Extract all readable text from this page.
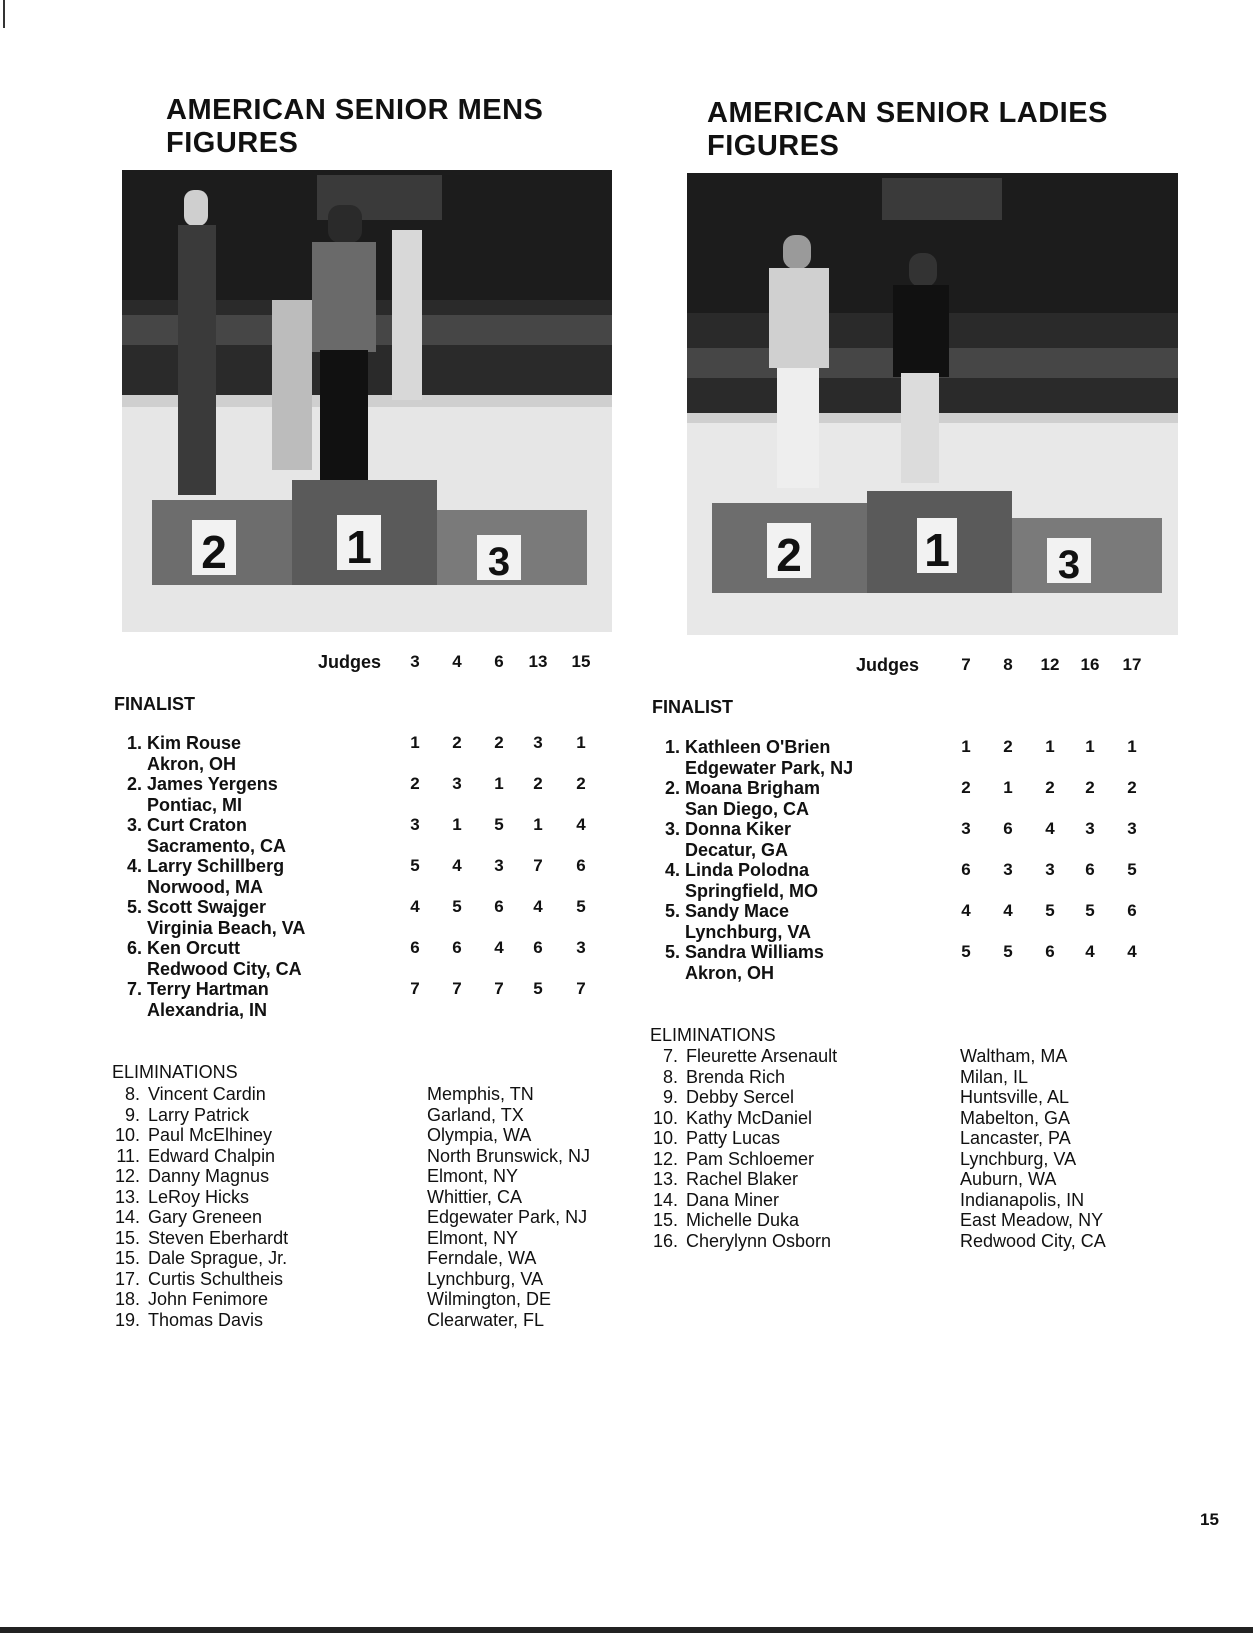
AMERICAN SENIOR MENS
FIGURES
2	1	3
Judges	3	4	6	13	15
FINALIST
1. Kim Rouse
Akron, OH
1	2	2	3	1
2. James Yergens
Pontiac, MI
2	3	1	2	2
3. Curt Craton
Sacramento, CA
3	1	5	1	4
4. Larry Schillberg
Norwood, MA
5	4	3	7	6
5. Scott Swajger
Virginia Beach, VA
4	5	6	4	5
6. Ken Orcutt
Redwood City, CA
6	6	4	6	3
7. Terry Hartman
Alexandria, IN
7	7	7	5	7
ELIMINATIONS
8. Vincent Cardin	Memphis, TN
9. Larry Patrick	Garland, TX
10. Paul McElhiney	Olympia, WA
11. Edward Chalpin	North Brunswick, NJ
12. Danny Magnus	Elmont, NY
13. LeRoy Hicks	Whittier, CA
14. Gary Greneen	Edgewater Park, NJ
15. Steven Eberhardt	Elmont, NY
15. Dale Sprague, Jr.	Ferndale, WA
17. Curtis Schultheis	Lynchburg, VA
18. John Fenimore	Wilmington, DE
19. Thomas Davis	Clearwater, FL
AMERICAN SENIOR LADIES
FIGURES
2	1	3
Judges	7	8	12	16	17
FINALIST
1. Kathleen O'Brien
Edgewater Park, NJ
1	2	1	1	1
2. Moana Brigham
San Diego, CA
2	1	2	2	2
3. Donna Kiker
Decatur, GA
3	6	4	3	3
4. Linda Polodna
Springfield, MO
6	3	3	6	5
5. Sandy Mace
Lynchburg, VA
4	4	5	5	6
5. Sandra Williams
Akron, OH
5	5	6	4	4
ELIMINATIONS
7. Fleurette Arsenault	Waltham, MA
8. Brenda Rich	Milan, IL
9. Debby Sercel	Huntsville, AL
10. Kathy McDaniel	Mabelton, GA
10. Patty Lucas	Lancaster, PA
12. Pam Schloemer	Lynchburg, VA
13. Rachel Blaker	Auburn, WA
14. Dana Miner	Indianapolis, IN
15. Michelle Duka	East Meadow, NY
16. Cherylynn Osborn	Redwood City, CA
15
